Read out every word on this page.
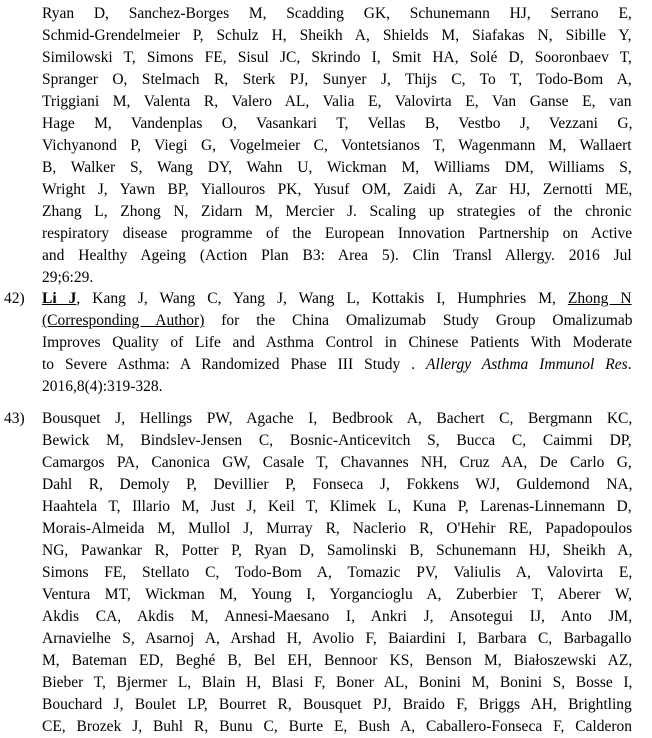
Ryan D, Sanchez-Borges M, Scadding GK, Schunemann HJ, Serrano E,
Schmid-Grendelmeier P, Schulz H, Sheikh A, Shields M, Siafakas N, Sibille Y,
Similowski T, Simons FE, Sisul JC, Skrindo I, Smit HA, Solé D, Sooronbaev T,
Spranger O, Stelmach R, Sterk PJ, Sunyer J, Thijs C, To T, Todo-Bom A,
Triggiani M, Valenta R, Valero AL, Valia E, Valovirta E, Van Ganse E, van
Hage M, Vandenplas O, Vasankari T, Vellas B, Vestbo J, Vezzani G,
Vichyanond P, Viegi G, Vogelmeier C, Vontetsianos T, Wagenmann M, Wallaert
B, Walker S, Wang DY, Wahn U, Wickman M, Williams DM, Williams S,
Wright J, Yawn BP, Yiallouros PK, Yusuf OM, Zaidi A, Zar HJ, Zernotti ME,
Zhang L, Zhong N, Zidarn M, Mercier J. Scaling up strategies of the chronic
respiratory disease programme of the European Innovation Partnership on Active
and Healthy Ageing (Action Plan B3: Area 5). Clin Transl Allergy. 2016 Jul
29;6:29.
42) Li J, Kang J, Wang C, Yang J, Wang L, Kottakis I, Humphries M, Zhong N
(Corresponding Author) for the China Omalizumab Study Group Omalizumab
Improves Quality of Life and Asthma Control in Chinese Patients With Moderate
to Severe Asthma: A Randomized Phase III Study . Allergy Asthma Immunol Res.
2016,8(4):319-328.
43) Bousquet J, Hellings PW, Agache I, Bedbrook A, Bachert C, Bergmann KC,
Bewick M, Bindslev-Jensen C, Bosnic-Anticevitch S, Bucca C, Caimmi DP,
Camargos PA, Canonica GW, Casale T, Chavannes NH, Cruz AA, De Carlo G,
Dahl R, Demoly P, Devillier P, Fonseca J, Fokkens WJ, Guldemond NA,
Haahtela T, Illario M, Just J, Keil T, Klimek L, Kuna P, Larenas-Linnemann D,
Morais-Almeida M, Mullol J, Murray R, Naclerio R, O'Hehir RE, Papadopoulos
NG, Pawankar R, Potter P, Ryan D, Samolinski B, Schunemann HJ, Sheikh A,
Simons FE, Stellato C, Todo-Bom A, Tomazic PV, Valiulis A, Valovirta E,
Ventura MT, Wickman M, Young I, Yorgancioglu A, Zuberbier T, Aberer W,
Akdis CA, Akdis M, Annesi-Maesano I, Ankri J, Ansotegui IJ, Anto JM,
Arnavielhe S, Asarnoj A, Arshad H, Avolio F, Baiardini I, Barbara C, Barbagallo
M, Bateman ED, Beghé B, Bel EH, Bennoor KS, Benson M, Białoszewski AZ,
Bieber T, Bjermer L, Blain H, Blasi F, Boner AL, Bonini M, Bonini S, Bosse I,
Bouchard J, Boulet LP, Bourret R, Bousquet PJ, Braido F, Briggs AH, Brightling
CE, Brozek J, Buhl R, Bunu C, Burte E, Bush A, Caballero-Fonseca F, Calderon
